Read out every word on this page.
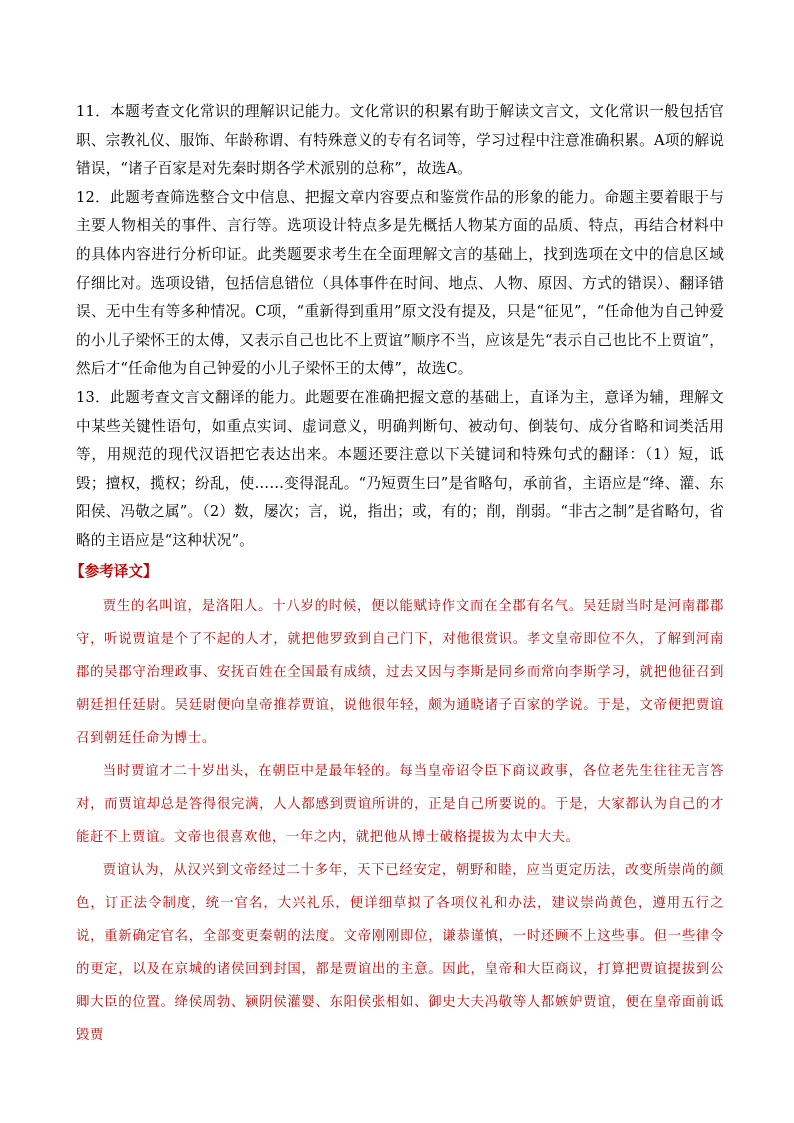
11．本题考查文化常识的理解识记能力。文化常识的积累有助于解读文言文，文化常识一般包括官职、宗教礼仪、服饰、年龄称谓、有特殊意义的专有名词等，学习过程中注意准确积累。A项的解说错误，“诸子百家是对先秦时期各学术派别的总称”，故选A。

12．此题考查筛选整合文中信息、把握文章内容要点和鉴赏作品的形象的能力。命题主要着眼于与主要人物相关的事件、言行等。选项设计特点多是先概括人物某方面的品质、特点，再结合材料中的具体内容进行分析印证。此类题要求考生在全面理解文言的基础上，找到选项在文中的信息区域仔细比对。选项设错，包括信息错位（具体事件在时间、地点、人物、原因、方式的错误）、翻译错误、无中生有等多种情况。C项，“重新得到重用”原文没有提及，只是“征见”，“任命他为自己钟爱的小儿子梁怀王的太傅，又表示自己也比不上贾谊”顺序不当，应该是先“表示自己也比不上贾谊”，然后才“任命他为自己钟爱的小儿子梁怀王的太傅”，故选C。

13．此题考查文言文翻译的能力。此题要在准确把握文意的基础上，直译为主，意译为辅，理解文中某些关键性语句，如重点实词、虚词意义，明确判断句、被动句、倒装句、成分省略和词类活用等，用规范的现代汉语把它表达出来。本题还要注意以下关键词和特殊句式的翻译：（1）短，诋毁；擅权，揽权；纷乱，使……变得混乱。“乃短贾生曰”是省略句，承前省，主语应是“绛、灌、东阳侯、冯敬之属”。（2）数，屡次；言，说，指出；或，有的；削，削弱。“非古之制”是省略句，省略的主语应是“这种状况”。

【参考译文】

贾生的名叫谊，是洛阳人。十八岁的时候，便以能赋诗作文而在全郡有名气。吴廷尉当时是河南郡郡守，听说贾谊是个了不起的人才，就把他罗致到自己门下，对他很赏识。孝文皇帝即位不久，了解到河南郡的吴郡守治理政事、安抚百姓在全国最有成绩，过去又因与李斯是同乡而常向李斯学习，就把他征召到朝廷担任廷尉。吴廷尉便向皇帝推荐贾谊，说他很年轻，颇为通晓诸子百家的学说。于是，文帝便把贾谊召到朝廷任命为博士。

当时贾谊才二十岁出头，在朝臣中是最年轻的。每当皇帝诏令臣下商议政事，各位老先生往往无言答对，而贾谊却总是答得很完满，人人都感到贾谊所讲的，正是自己所要说的。于是，大家都认为自己的才能赶不上贾谊。文帝也很喜欢他，一年之内，就把他从博士破格提拔为太中大夫。

贾谊认为，从汉兴到文帝经过二十多年，天下已经安定，朝野和睦，应当更定历法，改变所崇尚的颜色，订正法令制度，统一官名，大兴礼乐，便详细草拟了各项仪礼和办法，建议崇尚黄色，遵用五行之说，重新确定官名，全部变更秦朝的法度。文帝刚刚即位，谦恭谨慎，一时还顾不上这些事。但一些律令的更定，以及在京城的诸侯回到封国，都是贾谊出的主意。因此，皇帝和大臣商议，打算把贾谊提拔到公卿大臣的位置。绛侯周勃、颍阴侯灌婴、东阳侯张相如、御史大夫冯敬等人都嫉妒贾谊，便在皇帝面前诋毁贾
